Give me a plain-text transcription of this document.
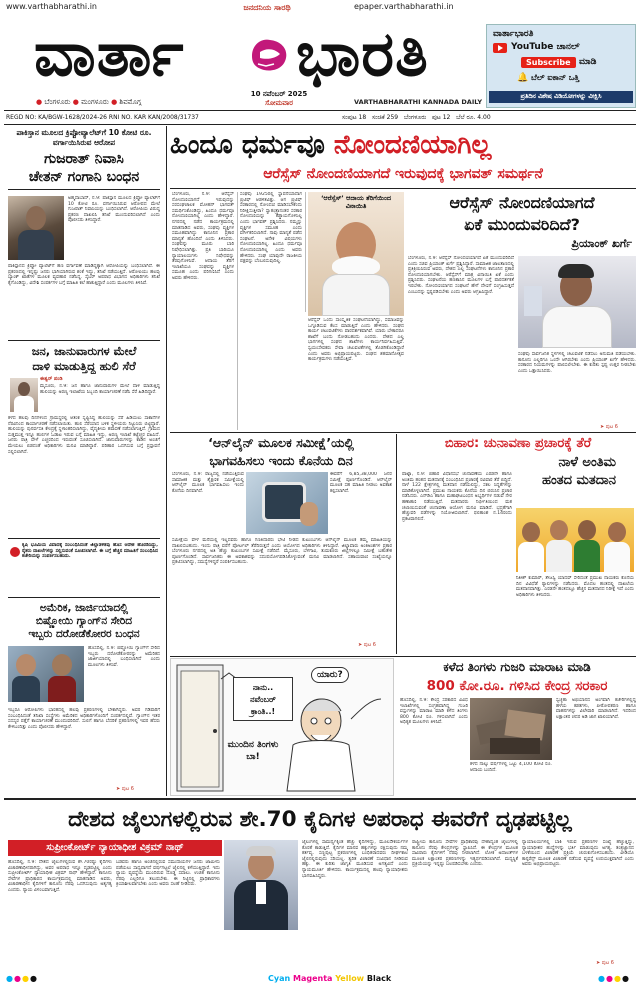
www.varthabharathi.in	ಜನದನಿಯ ಸಾರಥಿ	epaper.varthabharathi.in
ವಾರ್ತಾ	ಭಾರತಿ
10 ನವೆಂಬರ್ 2025
ಸೋಮವಾರ
● ಬೆಂಗಳೂರು ● ಮಂಗಳೂರು ● ಶಿವಮೊಗ್ಗ	VARTHABHARATHI KANNADA DAILY
ವಾರ್ತಾಭಾರತಿ
YouTube ಚಾನಲ್
Subscribe ಮಾಡಿ
🔔 ಬೆಲ್ ಐಕಾನ್ ಒತ್ತಿ
ಪ್ರತಿದಿನ ವಿಶೇಷ ವಿಡಿಯೋಗಳನ್ನು ವೀಕ್ಷಿಸಿ
REGD NO: KA/BGW-1628/2024-26 RNI NO. KAR KAN/2008/31737	ಸಂಪುಟ 18 ಸಂಚಿಕೆ 259 ಬೆಂಗಳೂರು ಪುಟ 12 ಬೆಲೆ ರೂ. 4.00
ಪಾಕಿಸ್ತಾನ ಮೂಲದ ಕ್ರಿಪ್ಟೋವ್ಯಾಲೆಟ್‌ಗೆ 10 ಕೋಟಿ ರೂ. ವರ್ಗಾಯಿಸಿರುವ ಆರೋಪ
ಗುಜರಾತ್ ನಿವಾಸಿ
ಚೇತನ್ ಗಂಗಾನಿ ಬಂಧನ
ಅಹ್ಮದಾಬಾದ್, ನ.9: ಪಾಕಿಸ್ತಾನ ಮೂಲದ ಕ್ರಿಪ್ಟೋ ವ್ಯಾಲೆಟ್‌ಗೆ 10 ಕೋಟಿ ರೂ. ವರ್ಗಾಯಿಸಿರುವ ಆರೋಪದ ಮೇಲೆ ಗುಜರಾತ್ ನಿವಾಸಿಯನ್ನು ಬಂಧಿಸಲಾಗಿದೆ. ಆರೋಪಿಯ ವಿರುದ್ಧ ಪ್ರಕರಣ ದಾಖಲಿಸಿ ತನಿಖೆ ಮುಂದುವರಿಸಲಾಗಿದೆ ಎಂದು ಪೊಲೀಸರು ತಿಳಿಸಿದ್ದಾರೆ.
ಪಾಕಿಸ್ತಾನದ ಕ್ರಿಪ್ಟೋ ವ್ಯಾಲೆಟ್‌ಗೆ ಹಣ ವರ್ಗಾವಣೆ ಮಾಡಿದ್ದಕ್ಕಾಗಿ ಆರೋಪಿಯನ್ನು ಬಂಧಿಸಲಾಗಿದೆ. ಈ ಪ್ರಕರಣದಲ್ಲಿ ಇನ್ನಷ್ಟು ಜನರು ಭಾಗಿಯಾಗಿರುವ ಶಂಕೆ ಇದ್ದು, ತನಿಖೆ ನಡೆಯುತ್ತಿದೆ. ಆರೋಪಿಯು ಹಲವು ಬ್ಯಾಂಕ್ ಖಾತೆಗಳ ಮೂಲಕ ವ್ಯವಹಾರ ನಡೆಸಿದ್ದ. ಸೈಬರ್ ಅಪರಾಧ ವಿಭಾಗದ ಅಧಿಕಾರಿಗಳು ತನಿಖೆ ಕೈಗೊಂಡಿದ್ದು, ವಿದೇಶಿ ಸಂಪರ್ಕಗಳ ಬಗ್ಗೆ ಮಾಹಿತಿ ಕಲೆ ಹಾಕುತ್ತಿದ್ದಾರೆ ಎಂದು ಮೂಲಗಳು ತಿಳಿಸಿವೆ.
ಜನ, ಜಾನುವಾರುಗಳ ಮೇಲೆ
ದಾಳಿ ಮಾಡುತ್ತಿದ್ದ ಹುಲಿ ಸೆರೆ
ಈಶ್ವರ್ ಪಂಡಿ
ಮೈಸೂರು, ನ.9: ಜನ ಹಾಗೂ ಜಾನುವಾರುಗಳ ಮೇಲೆ ದಾಳಿ ಮಾಡುತ್ತಿದ್ದ ಹುಲಿಯನ್ನು ಅರಣ್ಯ ಇಲಾಖೆಯ ಸಿಬ್ಬಂದಿ ಕಾರ್ಯಾಚರಣೆ ನಡೆಸಿ ಸೆರೆ ಹಿಡಿದಿದ್ದಾರೆ.
ಕಳೆದ ಹಲವು ದಿನಗಳಿಂದ ಗ್ರಾಮಸ್ಥರಲ್ಲಿ ಆತಂಕ ಸೃಷ್ಟಿಸಿದ್ದ ಹುಲಿಯನ್ನು ಸೆರೆ ಹಿಡಿಯಲು ಸಾಕಾನೆಗಳ ನೆರವಿನಿಂದ ಕಾರ್ಯಾಚರಣೆ ನಡೆಸಲಾಯಿತು. ಹುಲಿ ಸೆರೆಯಾದ ಬಳಿಕ ಸ್ಥಳೀಯರು ನಿಟ್ಟುಸಿರು ಬಿಟ್ಟಿದ್ದಾರೆ. ಹುಲಿಯನ್ನು ಪುನರ್ವಸತಿ ಕೇಂದ್ರಕ್ಕೆ ಸ್ಥಳಾಂತರಿಸಲಾಗಿದ್ದು, ವೈದ್ಯಕೀಯ ತಪಾಸಣೆ ನಡೆಸಲಾಗುತ್ತಿದೆ. ಗ್ರಾಮದ ಸುತ್ತಮುತ್ತ ಇನ್ನೂ ಹುಲಿಗಳ ಓಡಾಟ ಇರುವ ಬಗ್ಗೆ ಮಾಹಿತಿ ಇದ್ದು, ಅರಣ್ಯ ಇಲಾಖೆ ಕಟ್ಟೆಚ್ಚರ ವಹಿಸಿದೆ. ಜನರು ರಾತ್ರಿ ವೇಳೆ ಎಚ್ಚರದಿಂದ ಇರುವಂತೆ ಸೂಚಿಸಲಾಗಿದೆ. ಜಾನುವಾರುಗಳನ್ನು ಕಾಡಿನ ಅಂಚಿಗೆ ಮೇಯಲು ಬಿಡದಂತೆ ಅಧಿಕಾರಿಗಳು ಮನವಿ ಮಾಡಿದ್ದಾರೆ. ಪರಿಹಾರ ಒದಗಿಸುವ ಬಗ್ಗೆ ಪ್ರಸ್ತಾವನೆ ಸಲ್ಲಿಸಲಾಗಿದೆ.
ಕೃಷಿ ಭೂಮಿಯ ವಿವಾದಕ್ಕೆ ಸಂಬಂಧಿಸಿದಂತೆ ಜಿಲ್ಲಾಡಳಿತವು ಹೊಸ ಆದೇಶ ಹೊರಡಿಸಿದ್ದು, ರೈತರು ದಾಖಲೆಗಳನ್ನು ಸಲ್ಲಿಸುವಂತೆ ಸೂಚಿಸಲಾಗಿದೆ. ಈ ಬಗ್ಗೆ ಹೆಚ್ಚಿನ ಮಾಹಿತಿಗೆ ಸಂಬಂಧಿಸಿದ ಕಚೇರಿಯನ್ನು ಸಂಪರ್ಕಿಸಬಹುದು.
ಅಮೆರಿಕ, ಜಾರ್ಜಿಯಾದಲ್ಲಿ
ಬಿಷ್ಣೋಯಿ ಗ್ಯಾಂಗ್‌ನ ಸೇರಿದ
ಇಬ್ಬರು ದರೋಡೆಕೋರರ ಬಂಧನ
ಹೊಸದಿಲ್ಲಿ, ನ.9: ಬಿಷ್ಣೋಯಿ ಗ್ಯಾಂಗ್‌ಗೆ ಸೇರಿದ ಇಬ್ಬರು ದರೋಡೆಕೋರರನ್ನು ಅಮೆರಿಕದ ಜಾರ್ಜಿಯಾದಲ್ಲಿ ಬಂಧಿಸಲಾಗಿದೆ ಎಂದು ಮೂಲಗಳು ತಿಳಿಸಿವೆ.
ಇಬ್ಬರೂ ಆರೋಪಿಗಳು ಭಾರತದಲ್ಲಿ ಹಲವು ಪ್ರಕರಣಗಳಲ್ಲಿ ಬೇಕಾಗಿದ್ದರು. ಅವರ ಗಡಿಪಾರಿಗೆ ಸಂಬಂಧಿಸಿದಂತೆ ತನಿಖಾ ಸಂಸ್ಥೆಗಳು ಅಮೆರಿಕದ ಅಧಿಕಾರಿಗಳೊಂದಿಗೆ ಸಂಪರ್ಕದಲ್ಲಿವೆ. ಗ್ಯಾಂಗ್‌ನ ಇತರ ಸದಸ್ಯರ ಪತ್ತೆಗೆ ಕಾರ್ಯಾಚರಣೆ ಮುಂದುವರಿದಿದೆ. ಸುಲಿಗೆ ಹಾಗೂ ಬೆದರಿಕೆ ಪ್ರಕರಣಗಳಲ್ಲಿ ಇವರ ಹೆಸರು ಕೇಳಿಬಂದಿತ್ತು ಎಂದು ಪೊಲೀಸರು ಹೇಳಿದ್ದಾರೆ.
➤ ಪುಟ 6
ಹಿಂದೂ ಧರ್ಮವೂ ನೋಂದಣಿಯಾಗಿಲ್ಲ
ಆರೆಸ್ಸೆಸ್ ನೋಂದಣಿಯಾಗದೆ ಇರುವುದಕ್ಕೆ ಭಾಗವತ್ ಸಮರ್ಥನೆ
ಬೆಂಗಳೂರು, ನ.9: ಆರೆಸ್ಸೆಸ್ ನೋಂದಣಿಯಾಗದೆ ಇರುವುದನ್ನು ಸರಸಂಘಚಾಲಕ ಮೋಹನ್ ಭಾಗವತ್ ಸಮರ್ಥಿಸಿಕೊಂಡಿದ್ದು, ಹಿಂದೂ ಧರ್ಮವೂ ನೋಂದಣಿಯಾಗಿಲ್ಲ ಎಂದು ಹೇಳಿದ್ದಾರೆ. ನಗರದಲ್ಲಿ ನಡೆದ ಕಾರ್ಯಕ್ರಮದಲ್ಲಿ ಮಾತನಾಡಿದ ಅವರು, ಸಂಘವು ವ್ಯಕ್ತಿಗಳ ಸಮೂಹವಾಗಿದ್ದು ಕಾನೂನಿನ ಪ್ರಕಾರ ಮಾನ್ಯತೆ ಹೊಂದಿದೆ ಎಂದು ತಿಳಿಸಿದರು. ಸಂಘವನ್ನು ಮೂರು ಬಾರಿ ನಿಷೇಧಿಸಲಾಗಿತ್ತು. ಪ್ರತಿ ಬಾರಿಯೂ ನ್ಯಾಯಾಲಯಗಳು ನಿಷೇಧವನ್ನು ತೆರವುಗೊಳಿಸಿವೆ. ಆದಾಯ ತೆರಿಗೆ ಇಲಾಖೆಯೂ ಸಂಘವನ್ನು ವ್ಯಕ್ತಿಗಳ ಸಮೂಹ ಎಂದು ಪರಿಗಣಿಸಿದೆ ಎಂದು ಅವರು ಹೇಳಿದರು.
ಸಂಘವು 1925ರಲ್ಲಿ ಸ್ಥಾಪನೆಯಾದಾಗ ಬ್ರಿಟಿಷ್ ಆಡಳಿತವಿತ್ತು. ಆಗ ಬ್ರಿಟಿಷ್ ಸರಕಾರದಲ್ಲಿ ನೋಂದಣಿ ಮಾಡಿಸಬೇಕೆಂದು ನಿರೀಕ್ಷಿಸುತ್ತೀರಾ? ಸ್ವಾತಂತ್ರ್ಯಾನಂತರ ಸರಕಾರ ನೋಂದಣಿಯನ್ನು ಕಡ್ಡಾಯಗೊಳಿಸಿಲ್ಲ ಎಂದು ಭಾಗವತ್ ಪ್ರಶ್ನಿಸಿದರು. ನಮ್ಮನ್ನು ವ್ಯಕ್ತಿಗಳ ಸಮೂಹ ಎಂದು ವರ್ಗೀಕರಿಸಲಾಗಿದೆ. ನಾವು ಮಾನ್ಯತೆ ಪಡೆದ ಸಂಘಟನೆ. ಅನೇಕ ವಿಷಯಗಳು ನೋಂದಣಿಯಾಗಿಲ್ಲ. ಹಿಂದೂ ಧರ್ಮವೂ ನೋಂದಣಿಯಾಗಿಲ್ಲ ಎಂದು ಅವರು ಹೇಳಿದರು. ಸಂಘ ಯಾವುದೇ ರಾಜಕೀಯ ಪಕ್ಷವನ್ನು ಬೆಂಬಲಿಸುವುದಿಲ್ಲ.
‘ಆರೆಸ್ಸೆಸ್’ ಆದಾಯ ತೆರಿಗೆಯಿಂದ ವಿನಾಯಿತಿ
ಆರೆಸ್ಸೆಸ್ ಒಂದು ಸಾಂಸ್ಕೃತಿಕ ಸಂಘಟನೆಯಾಗಿದ್ದು, ಸಮಾಜವನ್ನು ಒಗ್ಗೂಡಿಸುವ ಕೆಲಸ ಮಾಡುತ್ತಿದೆ ಎಂದು ಹೇಳಿದರು. ಸಂಘದ ಕಾರ್ಯ ಚಟುವಟಿಕೆಗಳು ಪಾರದರ್ಶಕವಾಗಿವೆ. ಯಾರು ಬೇಕಾದರೂ ಶಾಖೆಗೆ ಬಂದು ನೋಡಬಹುದು ಎಂದರು. ದೇಶದ ಎಲ್ಲ ಭಾಗಗಳಲ್ಲಿ ಸಂಘದ ಶಾಖೆಗಳು ಕಾರ್ಯನಿರ್ವಹಿಸುತ್ತಿವೆ. ಸ್ವಯಂಸೇವಕರು ಸೇವಾ ಚಟುವಟಿಕೆಗಳಲ್ಲಿ ತೊಡಗಿಕೊಂಡಿದ್ದಾರೆ ಎಂದು ಅವರು ಅಭಿಪ್ರಾಯಪಟ್ಟರು. ಸಂಘದ ಶತಮಾನೋತ್ಸವ ಕಾರ್ಯಕ್ರಮಗಳು ನಡೆಯುತ್ತಿವೆ.
ಆರೆಸ್ಸೆಸ್ ನೋಂದಣಿಯಾಗದೆ
ಏಕೆ ಮುಂದುವರಿದಿದೆ?
ಪ್ರಿಯಾಂಕ್ ಖರ್ಗೆ
ಬೆಂಗಳೂರು, ನ.9: ಆರೆಸ್ಸೆಸ್ ನೋಂದಣಿಯಾಗದೆ ಏಕೆ ಮುಂದುವರಿದಿದೆ ಎಂದು ಸಚಿವ ಪ್ರಿಯಾಂಕ್ ಖರ್ಗೆ ಪ್ರಶ್ನಿಸಿದ್ದಾರೆ. ಸಾಮಾಜಿಕ ಜಾಲತಾಣದಲ್ಲಿ ಪ್ರತಿಕ್ರಿಯಿಸಿರುವ ಅವರು, ದೇಶದ ಎಲ್ಲ ಸಂಘಟನೆಗಳು ಕಾನೂನಿನ ಪ್ರಕಾರ ನೋಂದಣಿಯಾಗಬೇಕು. ಆರೆಸ್ಸೆಸ್‌ಗೆ ಮಾತ್ರ ವಿನಾಯಿತಿ ಏಕೆ ಎಂದು ಪ್ರಶ್ನಿಸಿದರು. ಸಂಘಟನೆಯ ಹಣಕಾಸಿನ ಮೂಲಗಳ ಬಗ್ಗೆ ಪಾರದರ್ಶಕತೆ ಇರಬೇಕು. ನೋಂದಣಿಯಾಗದ ಸಂಘಟನೆ ಹೇಗೆ ದೇಣಿಗೆ ಸಂಗ್ರಹಿಸುತ್ತದೆ ಎಂಬುದನ್ನು ಸ್ಪಷ್ಟಪಡಿಸಬೇಕು ಎಂದು ಅವರು ಆಗ್ರಹಿಸಿದ್ದಾರೆ.
ಸಂಘವು ಸಾರ್ವಜನಿಕ ಸ್ಥಳಗಳಲ್ಲಿ ಚಟುವಟಿಕೆ ನಡೆಸಲು ಅನುಮತಿ ಪಡೆಯಬೇಕು. ಕಾನೂನು ಎಲ್ಲರಿಗೂ ಒಂದೇ ಆಗಿರಬೇಕು ಎಂದು ಪ್ರಿಯಾಂಕ್ ಖರ್ಗೆ ಹೇಳಿದರು. ಸರಕಾರದ ನಿಯಮಗಳನ್ನು ಪಾಲಿಸಲೇಬೇಕು. ಈ ಕುರಿತು ಸ್ಪಷ್ಟ ಉತ್ತರ ನೀಡಬೇಕು ಎಂದು ಒತ್ತಾಯಿಸಿದರು.
➤ ಪುಟ 6
‘ಆನ್‌ಲೈನ್ ಮೂಲಕ ಸಮೀಕ್ಷೆ’ಯಲ್ಲಿ
ಭಾಗವಹಿಸಲು ಇಂದು ಕೊನೆಯ ದಿನ
ಬೆಂಗಳೂರು, ನ.9: ರಾಜ್ಯದಲ್ಲಿ ನಡೆಯುತ್ತಿರುವ ಸಾಮಾಜಿಕ ಮತ್ತು ಶೈಕ್ಷಣಿಕ ಸಮೀಕ್ಷೆಯಲ್ಲಿ ಆನ್‌ಲೈನ್ ಮೂಲಕ ಭಾಗವಹಿಸಲು ಇಂದು ಕೊನೆಯ ದಿನವಾಗಿದೆ.
ಈವರೆಗೆ 6,85,38,000 ಜನರ ಸಮೀಕ್ಷೆ ಪೂರ್ಣಗೊಂಡಿದೆ. ಆನ್‌ಲೈನ್ ಮೂಲಕ ಸಹ ಮಾಹಿತಿ ನೀಡಲು ಅವಕಾಶ ಕಲ್ಪಿಸಲಾಗಿದೆ.
ಸಮೀಕ್ಷೆಯ ವೇಳೆ ಮನೆಯಲ್ಲಿ ಇಲ್ಲದವರು ಹಾಗೂ ಗಣತಿದಾರರು ಭೇಟಿ ನೀಡದ ಕುಟುಂಬಗಳು ಆನ್‌ಲೈನ್ ಮೂಲಕ ತಮ್ಮ ಮಾಹಿತಿಯನ್ನು ದಾಖಲಿಸಬಹುದು. ಇಂದು ರಾತ್ರಿ ವರೆಗೆ ಪೋರ್ಟಲ್ ತೆರೆದಿರುತ್ತದೆ ಎಂದು ಆಯೋಗದ ಅಧಿಕಾರಿಗಳು ತಿಳಿಸಿದ್ದಾರೆ. ಜಿಲ್ಲಾವಾರು ಅಂಕಿಅಂಶಗಳ ಪ್ರಕಾರ ಬೆಂಗಳೂರು ನಗರದಲ್ಲಿ ಅತಿ ಹೆಚ್ಚು ಕುಟುಂಬಗಳ ಸಮೀಕ್ಷೆ ನಡೆದಿದೆ. ಮೈಸೂರು, ಬೆಳಗಾವಿ, ತುಮಕೂರು ಜಿಲ್ಲೆಗಳಲ್ಲೂ ಸಮೀಕ್ಷೆ ಬಹುತೇಕ ಪೂರ್ಣಗೊಂಡಿದೆ. ಸಾರ್ವಜನಿಕರು ಈ ಅವಕಾಶವನ್ನು ಸದುಪಯೋಗಪಡಿಸಿಕೊಳ್ಳುವಂತೆ ಮನವಿ ಮಾಡಲಾಗಿದೆ. ಸಹಾಯವಾಣಿ ಸಂಖ್ಯೆಯನ್ನೂ ಪ್ರಕಟಿಸಲಾಗಿದ್ದು, ಸಮಸ್ಯೆಗಳಿದ್ದರೆ ಸಂಪರ್ಕಿಸಬಹುದು.
➤ ಪುಟ 6
ಬಿಹಾರ: ಚುನಾವಣಾ ಪ್ರಚಾರಕ್ಕೆ ತೆರೆ
ನಾಳೆ ಅಂತಿಮ
ಹಂತದ ಮತದಾನ
ಪಾಟ್ನಾ, ನ.9: ಬಿಹಾರ ವಿಧಾನಸಭೆ ಚುನಾವಣೆಯ ಎರಡನೇ ಹಾಗೂ ಅಂತಿಮ ಹಂತದ ಮತದಾನಕ್ಕೆ ಸಂಬಂಧಿಸಿದ ಪ್ರಚಾರಕ್ಕೆ ರವಿವಾರ ತೆರೆ ಬಿದ್ದಿದೆ. ನಾಳೆ 122 ಕ್ಷೇತ್ರಗಳಲ್ಲಿ ಮತದಾನ ನಡೆಯಲಿದ್ದು, ಸಕಲ ಸಿದ್ಧತೆಗಳನ್ನು ಮಾಡಿಕೊಳ್ಳಲಾಗಿದೆ. ಪ್ರಮುಖ ನಾಯಕರು ಕೊನೆಯ ದಿನ ಬಿರುಸಿನ ಪ್ರಚಾರ ನಡೆಸಿದರು. ಎನ್‌ಡಿಎ ಹಾಗೂ ಮಹಾಘಟಬಂಧನ ಅಭ್ಯರ್ಥಿಗಳ ನಡುವೆ ನೇರ ಹಣಾಹಣಿ ನಡೆಯುತ್ತಿದೆ. ಮತದಾರರು ನಿರ್ಭೀತಿಯಿಂದ ಮತ ಚಲಾಯಿಸುವಂತೆ ಚುನಾವಣಾ ಆಯೋಗ ಮನವಿ ಮಾಡಿದೆ. ಭದ್ರತೆಗಾಗಿ ಹೆಚ್ಚುವರಿ ಪಡೆಗಳನ್ನು ನಿಯೋಜಿಸಲಾಗಿದೆ. ಫಲಿತಾಂಶ ನ.14ರಂದು ಪ್ರಕಟವಾಗಲಿದೆ.
ನಿತೀಶ್ ಕುಮಾರ್, ತೇಜಸ್ವಿ ಯಾದವ್ ಸೇರಿದಂತೆ ಪ್ರಮುಖ ನಾಯಕರು ಕೊನೆಯ ದಿನ ವಿವಿಧೆಡೆ ರ‍್ಯಾಲಿಗಳನ್ನು ನಡೆಸಿದರು. ಮೊದಲ ಹಂತದಲ್ಲಿ ದಾಖಲೆಯ ಮತದಾನವಾಗಿತ್ತು. ಎರಡನೇ ಹಂತದಲ್ಲೂ ಹೆಚ್ಚಿನ ಮತದಾನದ ನಿರೀಕ್ಷೆ ಇದೆ ಎಂದು ಅಧಿಕಾರಿಗಳು ತಿಳಿಸಿದರು.
ಯಾರು?
ನಾನು..
ನವೆಂಬರ್
ಕ್ರಾಂತಿ..!
ಮುಂದಿನ ತಿಂಗಳು ಬಾ!
ಕಳೆದ ತಿಂಗಳು ಗುಜರಿ ಮಾರಾಟ ಮಾಡಿ
800 ಕೋ.ರೂ. ಗಳಿಸಿದ ಕೇಂದ್ರ ಸರಕಾರ
ಹೊಸದಿಲ್ಲಿ, ನ.9: ಕೇಂದ್ರ ಸರಕಾರದ ವಿವಿಧ ಇಲಾಖೆಗಳಲ್ಲಿ ಸಂಗ್ರಹವಾಗಿದ್ದ ಗುಜರಿ ವಸ್ತುಗಳನ್ನು ಮಾರಾಟ ಮಾಡಿ ಕಳೆದ ತಿಂಗಳು 800 ಕೋಟಿ ರೂ. ಗಳಿಸಲಾಗಿದೆ ಎಂದು ಅಧಿಕೃತ ಮೂಲಗಳು ತಿಳಿಸಿವೆ.
ಸ್ವಚ್ಛತಾ ಅಭಿಯಾನದ ಅಂಗವಾಗಿ ಕಚೇರಿಗಳಲ್ಲಿದ್ದ ಹಳೆಯ ಕಡತಗಳು, ಪೀಠೋಪಕರಣ ಹಾಗೂ ವಾಹನಗಳನ್ನು ವಿಲೇವಾರಿ ಮಾಡಲಾಗಿದೆ. ಇದರಿಂದ ಲಕ್ಷಾಂತರ ಚದರ ಅಡಿ ಜಾಗ ಖಾಲಿಯಾಗಿದೆ.
ಕಳೆದ ನಾಲ್ಕು ವರ್ಷಗಳಲ್ಲಿ ಒಟ್ಟು 4,100 ಕೋಟಿ ರೂ. ಆದಾಯ ಬಂದಿದೆ.
ದೇಶದ ಜೈಲುಗಳಲ್ಲಿರುವ ಶೇ.70 ಕೈದಿಗಳ ಅಪರಾಧ ಈವರೆಗೆ ದೃಢಪಟ್ಟಿಲ್ಲ
ಸುಪ್ರೀಂಕೋರ್ಟ್ ನ್ಯಾಯಾಧೀಶ ವಿಕ್ರಮ್ ನಾಥ್
ಹೊಸದಿಲ್ಲಿ, ನ.9: ದೇಶದ ಜೈಲುಗಳಲ್ಲಿರುವ ಶೇ.70ರಷ್ಟು ಕೈದಿಗಳು ವಿಚಾರಣಾಧೀನರಾಗಿದ್ದು, ಅವರ ಅಪರಾಧ ಇನ್ನೂ ದೃಢಪಟ್ಟಿಲ್ಲ ಎಂದು ಸುಪ್ರೀಂಕೋರ್ಟ್ ನ್ಯಾಯಾಧೀಶ ವಿಕ್ರಮ್ ನಾಥ್ ಹೇಳಿದ್ದಾರೆ. ಕಾನೂನು ಸೇವೆಗಳ ಪ್ರಾಧಿಕಾರದ ಕಾರ್ಯಕ್ರಮದಲ್ಲಿ ಮಾತನಾಡಿದ ಅವರು, ವಿಚಾರಣಾಧೀನ ಕೈದಿಗಳಿಗೆ ಕಾನೂನು ನೆರವು ಒದಗಿಸುವುದು ಅತ್ಯಗತ್ಯ ಎಂದರು. ನ್ಯಾಯ ವಿಳಂಬವಾಗುತ್ತಿದೆ.
ಬಡವರು ಹಾಗೂ ಅಂಚಿನಲ್ಲಿರುವ ಸಮುದಾಯಗಳ ಜನರು ಜಾಮೀನು ಪಡೆಯಲು ಸಾಧ್ಯವಾಗದೆ ವರ್ಷಗಟ್ಟಲೆ ಜೈಲಿನಲ್ಲಿ ಕಳೆಯುತ್ತಿದ್ದಾರೆ. ಇದು ನ್ಯಾಯ ವ್ಯವಸ್ಥೆಯ ಮುಂದಿರುವ ದೊಡ್ಡ ಸವಾಲು. ಉಚಿತ ಕಾನೂನು ನೆರವು ಎಲ್ಲರಿಗೂ ತಲುಪಬೇಕು. ಈ ನಿಟ್ಟಿನಲ್ಲಿ ಪ್ರಾಧಿಕಾರಗಳು ಕ್ರಿಯಾಶೀಲವಾಗಬೇಕು ಎಂದು ಅವರು ಸಲಹೆ ನೀಡಿದರು.
ಜೈಲುಗಳಲ್ಲಿ ಸಾಮರ್ಥ್ಯಕ್ಕಿಂತ ಹೆಚ್ಚು ಕೈದಿಗಳಿದ್ದು, ಮೂಲಸೌಕರ್ಯಗಳ ಕೊರತೆ ಕಾಡುತ್ತಿದೆ. ಕೈದಿಗಳ ಮಾನವ ಹಕ್ಕುಗಳನ್ನು ರಕ್ಷಿಸುವುದು ನಮ್ಮ ಕರ್ತವ್ಯ. ಸಣ್ಣಪುಟ್ಟ ಪ್ರಕರಣಗಳಲ್ಲಿ ಬಂಧಿತರಾದವರು ದೀರ್ಘಕಾಲ ಜೈಲಿನಲ್ಲಿರುವುದು ಸರಿಯಲ್ಲ. ತ್ವರಿತ ವಿಚಾರಣೆ ಸಂವಿಧಾನ ನೀಡಿರುವ ಹಕ್ಕು. ಈ ಕುರಿತು ಜಾಗೃತಿ ಮೂಡಿಸುವ ಅಗತ್ಯವಿದೆ ಎಂದು ನ್ಯಾಯಮೂರ್ತಿ ಹೇಳಿದರು. ಕಾರ್ಯಕ್ರಮದಲ್ಲಿ ಹಲವು ನ್ಯಾಯಾಧೀಶರು ಭಾಗವಹಿಸಿದ್ದರು.
ರಾಷ್ಟ್ರೀಯ ಕಾನೂನು ಸೇವೆಗಳ ಪ್ರಾಧಿಕಾರವು ದೇಶಾದ್ಯಂತ ಜೈಲುಗಳಲ್ಲಿ ಕಾನೂನು ನೆರವು ಕೇಂದ್ರಗಳನ್ನು ಸ್ಥಾಪಿಸಿದೆ. ಈ ಕೇಂದ್ರಗಳ ಮೂಲಕ ಸಾವಿರಾರು ಕೈದಿಗಳಿಗೆ ನೆರವು ನೀಡಲಾಗಿದೆ. ಲೋಕ ಅದಾಲತ್‌ಗಳ ಮೂಲಕ ಲಕ್ಷಾಂತರ ಪ್ರಕರಣಗಳನ್ನು ಇತ್ಯರ್ಥಪಡಿಸಲಾಗಿದೆ. ಮಧ್ಯಸ್ಥಿಕೆ ಪ್ರಕ್ರಿಯೆಯನ್ನು ಇನ್ನಷ್ಟು ಬಲಪಡಿಸಬೇಕು ಎಂದರು.
ನ್ಯಾಯಾಲಯಗಳಲ್ಲಿ ಬಾಕಿ ಇರುವ ಪ್ರಕರಣಗಳ ಸಂಖ್ಯೆ ಹೆಚ್ಚುತ್ತಿದ್ದು, ನ್ಯಾಯಾಧೀಶರ ಹುದ್ದೆಗಳನ್ನು ಭರ್ತಿ ಮಾಡುವುದು ಅಗತ್ಯ. ತಂತ್ರಜ್ಞಾನದ ಬಳಕೆಯಿಂದ ವಿಚಾರಣೆ ಪ್ರಕ್ರಿಯೆ ಚುರುಕುಗೊಳಿಸಬಹುದು. ವೀಡಿಯೊ ಕಾನ್ಫರೆನ್ಸ್ ಮೂಲಕ ವಿಚಾರಣೆ ನಡೆಸುವ ವ್ಯವಸ್ಥೆ ಉಪಯುಕ್ತವಾಗಿದೆ ಎಂದು ಅವರು ಅಭಿಪ್ರಾಯಪಟ್ಟರು.
➤ ಪುಟ 6
●●●●	Cyan Magenta Yellow Black	●●●●
